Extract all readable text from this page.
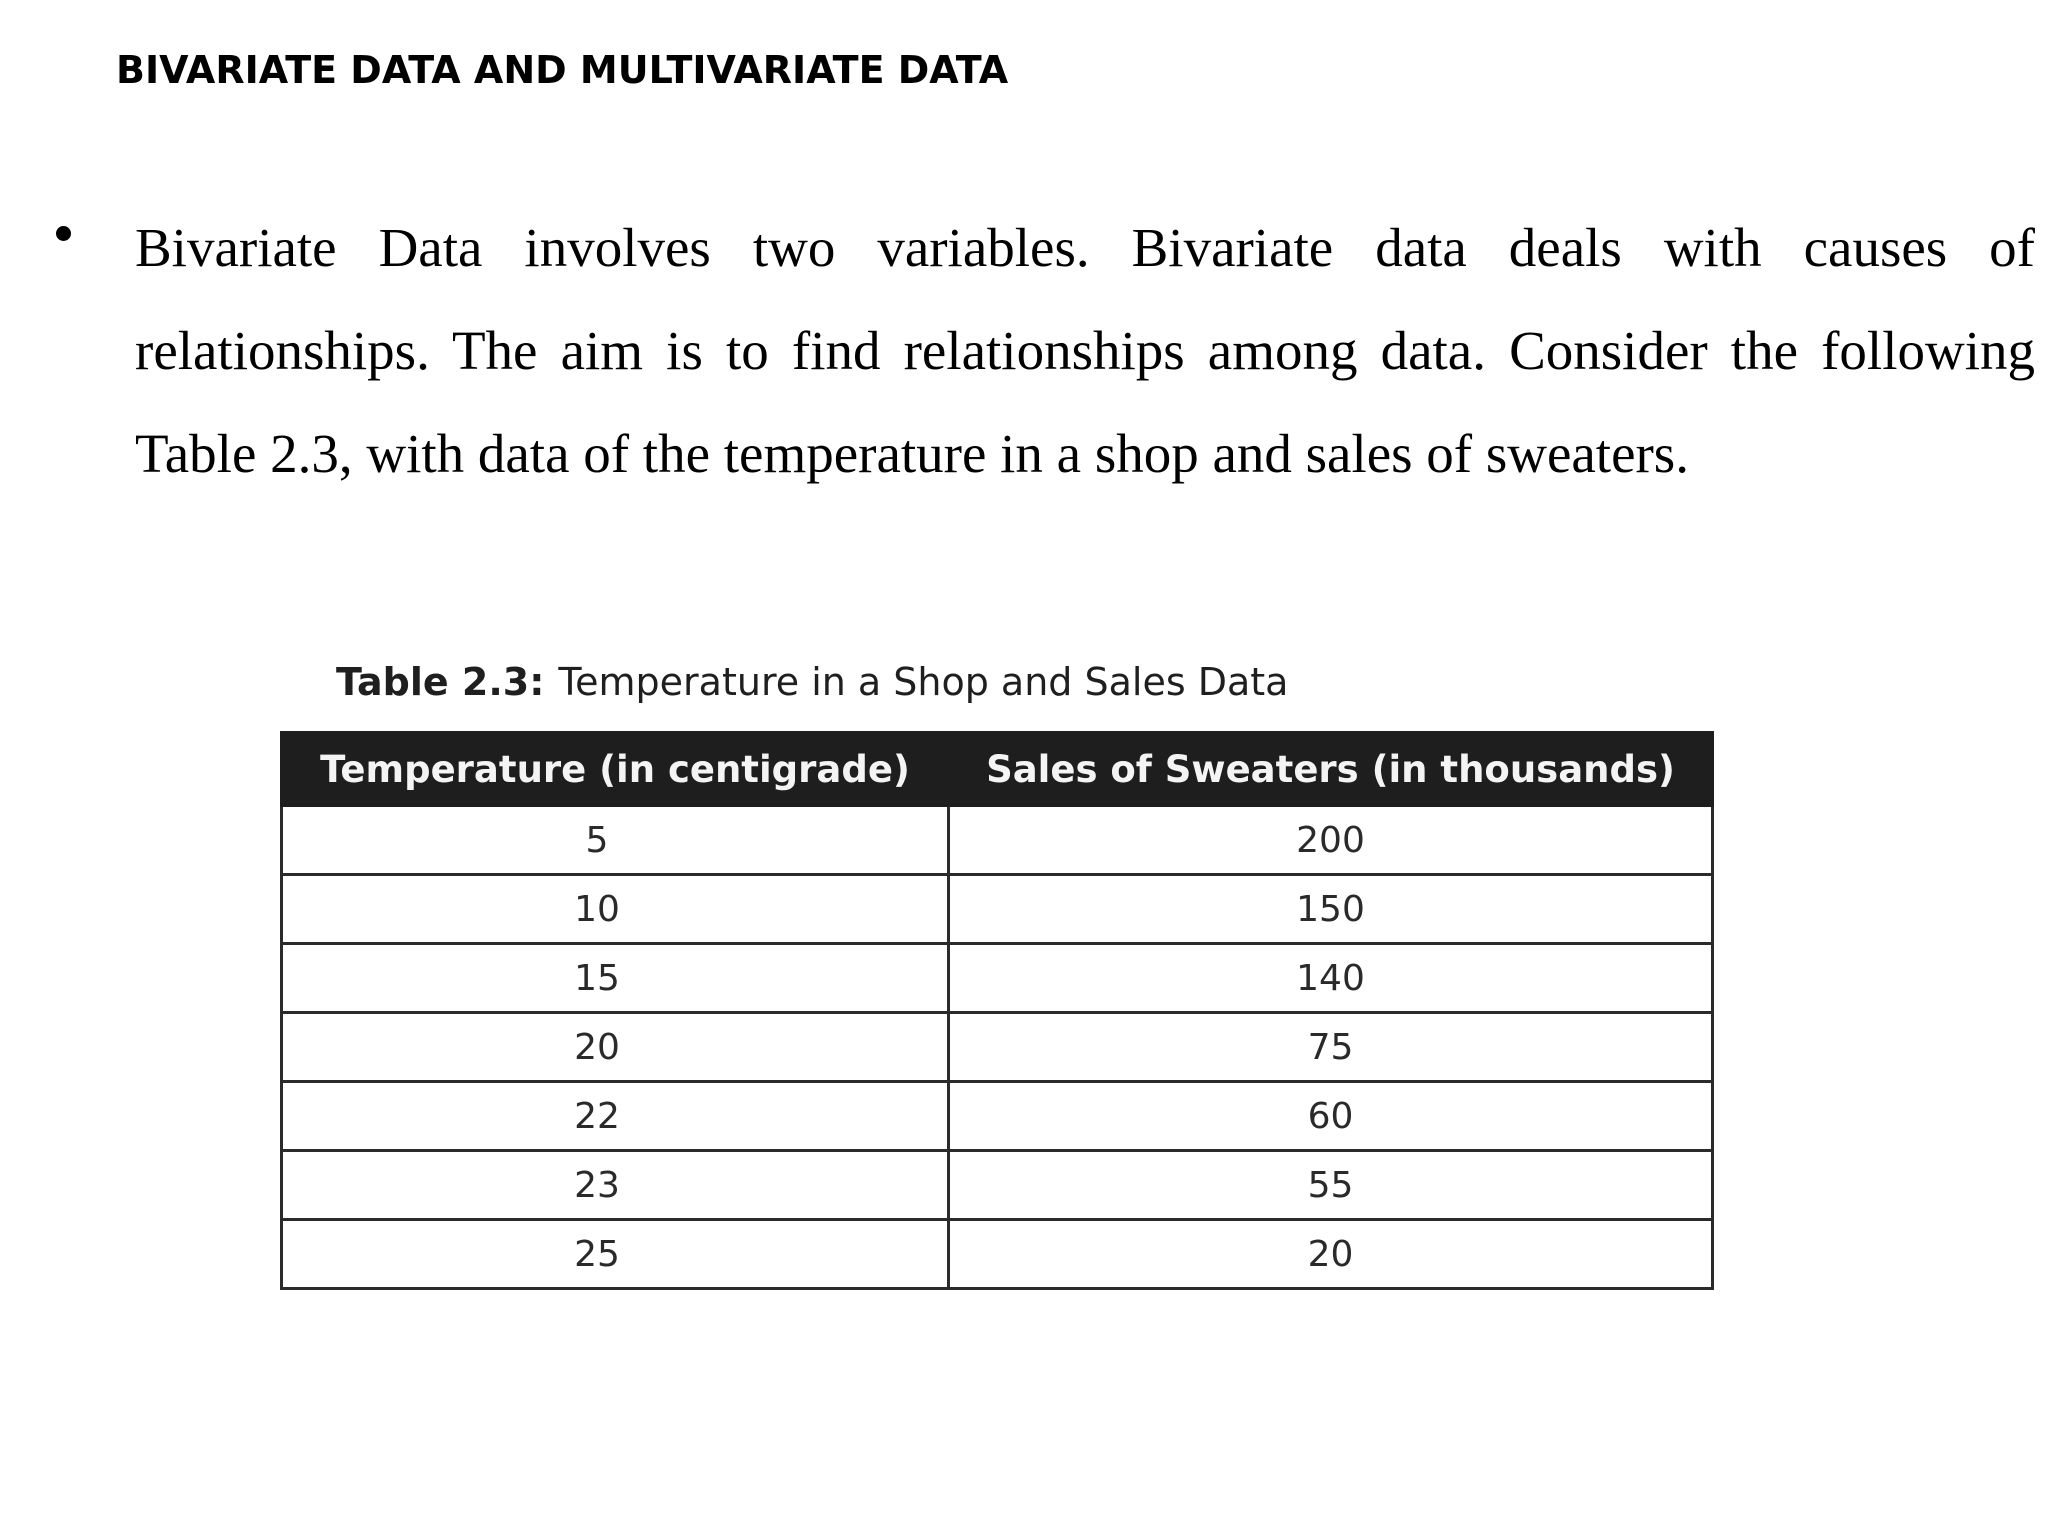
BIVARIATE DATA AND MULTIVARIATE DATA
Bivariate Data involves two variables. Bivariate data deals with causes of relationships. The aim is to find relationships among data. Consider the following Table 2.3, with data of the temperature in a shop and sales of sweaters.
Table 2.3: Temperature in a Shop and Sales Data
Temperature (in centigrade)	Sales of Sweaters (in thousands)
5	200
10	150
15	140
20	75
22	60
23	55
25	20
